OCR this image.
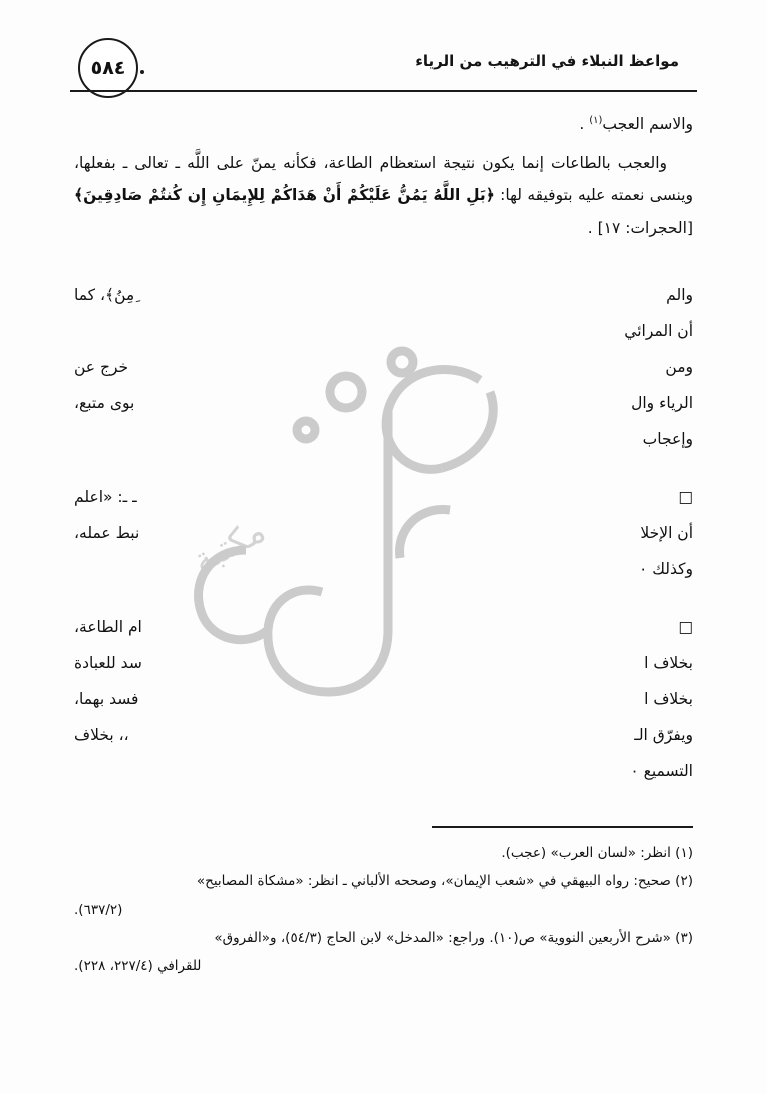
مواعظ النبلاء في الترهيب من الرياء
٥٨٤

والاسم العجب$^{(١)}$ .

والعجب بالطاعات إنما يكون نتيجة استعظام الطاعة، فكأنه يمنّ على اللَّه ـ تعالى ـ بفعلها، وينسى نعمته عليه بتوفيقه لها: ﴿بَلِ اللَّهُ يَمُنُّ عَلَيْكُمْ أَنْ هَدَاكُمْ لِلإِيمَانِ إِن كُنتُمْ صَادِقِينَ﴾ [الحجرات: ١٧] .

والم
ِمِنُ﴾، كما
أن المرائي
ومن
خرج عن
الرياء وال
بوى متبع،
وإعجاب
□
ـ ـ: «اعلم
أن الإخلا
نبط عمله،
وكذلك ٠
□
ام الطاعة،
بخلاف ا
سد للعبادة
بخلاف ا
فسد بهما،
ويفرّق الـ
،، بخلاف
التسميع ٠
مكتبة

(١) انظر: «لسان العرب» (عجب).

(٢) صحيح: رواه البيهقي في «شعب الإيمان»، وصححه الألباني ـ انظر: «مشكاة المصابيح»

(٦٣٧/٢).

(٣) «شرح الأربعين النووية» ص(١٠). وراجع: «المدخل» لابن الحاج (٥٤/٣)، و«الفروق»

للقرافي (٢٢٧/٤، ٢٢٨).
